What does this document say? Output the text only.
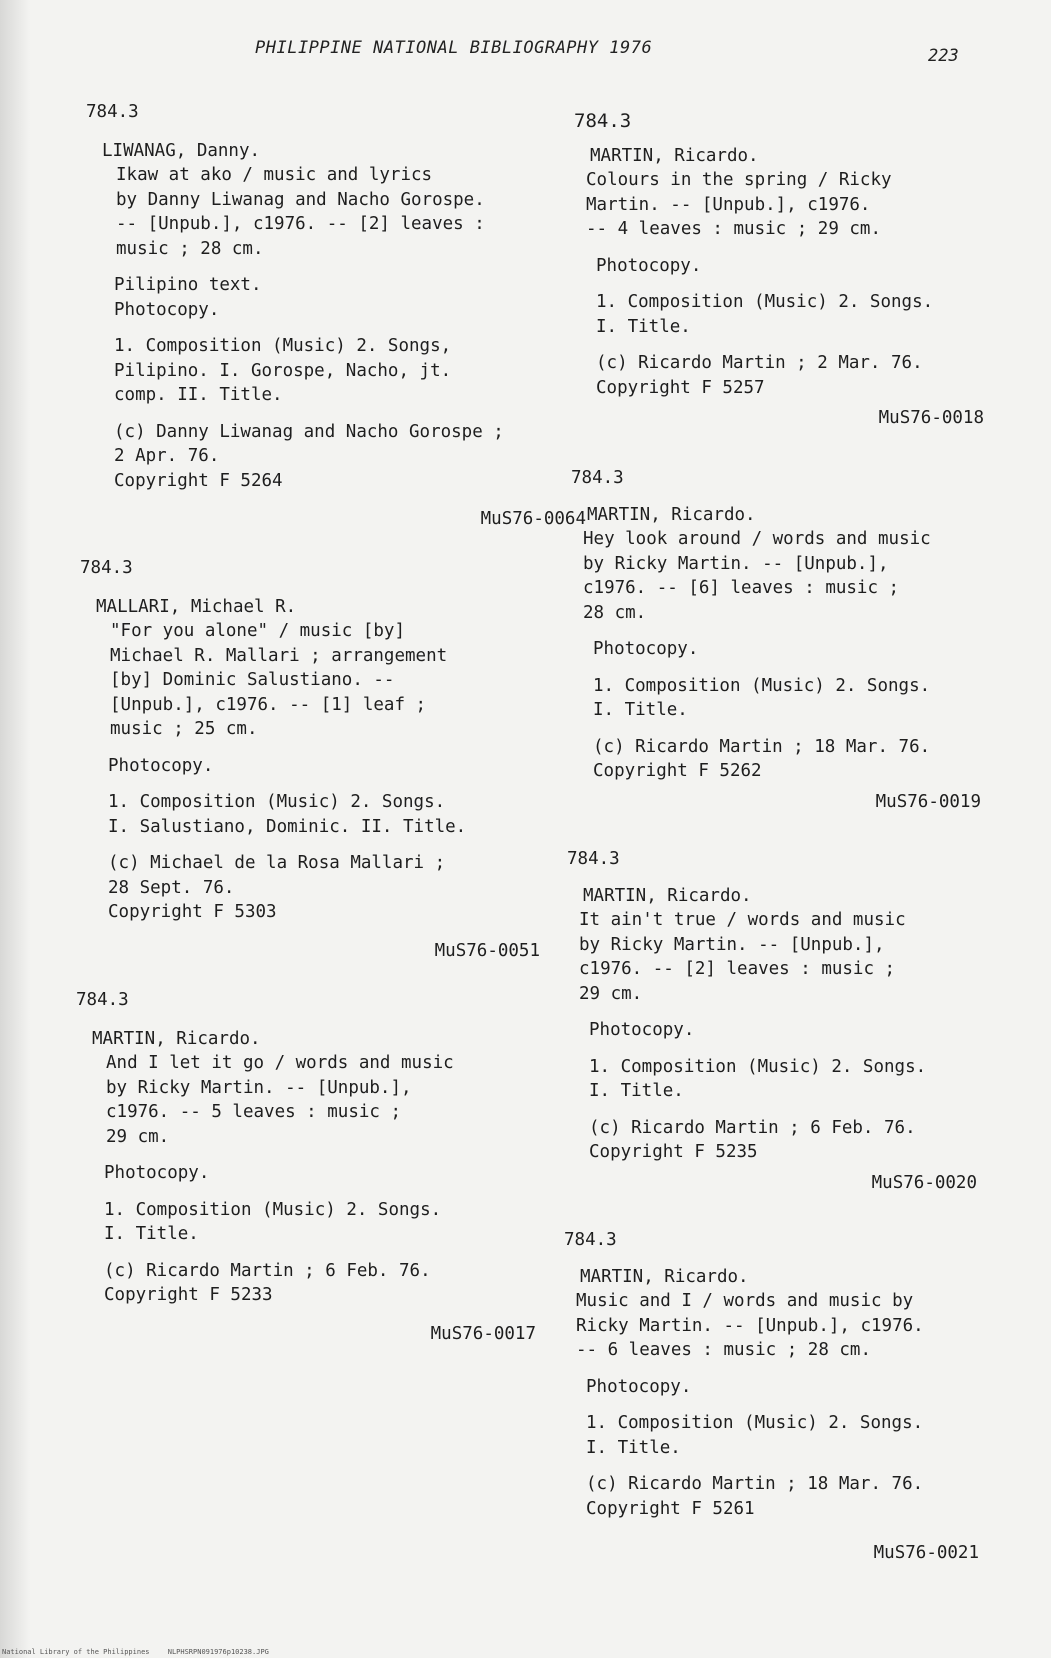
PHILIPPINE NATIONAL BIBLIOGRAPHY 1976	223
784.3
LIWANAG, Danny.
Ikaw at ako / music and lyrics
by Danny Liwanag and Nacho Gorospe.
-- [Unpub.], c1976. -- [2] leaves :
music ; 28 cm.
Pilipino text.
Photocopy.
1. Composition (Music) 2. Songs,
Pilipino. I. Gorospe, Nacho, jt.
comp. II. Title.
(c) Danny Liwanag and Nacho Gorospe ;
2 Apr. 76.
Copyright F 5264
MuS76-0064
784.3
MALLARI, Michael R.
"For you alone" / music [by]
Michael R. Mallari ; arrangement
[by] Dominic Salustiano. --
[Unpub.], c1976. -- [1] leaf ;
music ; 25 cm.
Photocopy.
1. Composition (Music) 2. Songs.
I. Salustiano, Dominic. II. Title.
(c) Michael de la Rosa Mallari ;
28 Sept. 76.
Copyright F 5303
MuS76-0051
784.3
MARTIN, Ricardo.
And I let it go / words and music
by Ricky Martin. -- [Unpub.],
c1976. -- 5 leaves : music ;
29 cm.
Photocopy.
1. Composition (Music) 2. Songs.
I. Title.
(c) Ricardo Martin ; 6 Feb. 76.
Copyright F 5233
MuS76-0017
784.3
MARTIN, Ricardo.
Colours in the spring / Ricky
Martin. -- [Unpub.], c1976.
-- 4 leaves : music ; 29 cm.
Photocopy.
1. Composition (Music) 2. Songs.
I. Title.
(c) Ricardo Martin ; 2 Mar. 76.
Copyright F 5257
MuS76-0018
784.3
MARTIN, Ricardo.
Hey look around / words and music
by Ricky Martin. -- [Unpub.],
c1976. -- [6] leaves : music ;
28 cm.
Photocopy.
1. Composition (Music) 2. Songs.
I. Title.
(c) Ricardo Martin ; 18 Mar. 76.
Copyright F 5262
MuS76-0019
784.3
MARTIN, Ricardo.
It ain't true / words and music
by Ricky Martin. -- [Unpub.],
c1976. -- [2] leaves : music ;
29 cm.
Photocopy.
1. Composition (Music) 2. Songs.
I. Title.
(c) Ricardo Martin ; 6 Feb. 76.
Copyright F 5235
MuS76-0020
784.3
MARTIN, Ricardo.
Music and I / words and music by
Ricky Martin. -- [Unpub.], c1976.
-- 6 leaves : music ; 28 cm.
Photocopy.
1. Composition (Music) 2. Songs.
I. Title.
(c) Ricardo Martin ; 18 Mar. 76.
Copyright F 5261
MuS76-0021
National Library of the Philippines	NLPHSRPN091976p10238.JPG
